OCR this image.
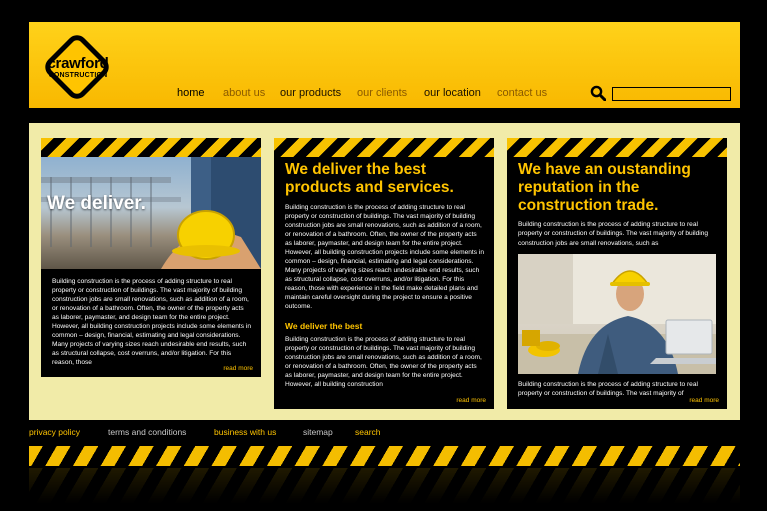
crawford
CONSTRUCTION
home about us our products our clients our location contact us
We deliver.
Building construction is the process of adding structure to real property or construction of buildings. The vast majority of building construction jobs are small renovations, such as addition of a room, or renovation of a bathroom. Often, the owner of the property acts as laborer, paymaster, and design team for the entire project. However, all building construction projects include some elements in common – design, financial, estimating and legal considerations. Many projects of varying sizes reach undesirable end results, such as structural collapse, cost overruns, and/or litigation. For this reason, those
read more
We deliver the best products and services.
Building construction is the process of adding structure to real property or construction of buildings. The vast majority of building construction jobs are small renovations, such as addition of a room, or renovation of a bathroom. Often, the owner of the property acts as laborer, paymaster, and design team for the entire project. However, all building construction projects include some elements in common – design, financial, estimating and legal considerations. Many projects of varying sizes reach undesirable end results, such as structural collapse, cost overruns, and/or litigation. For this reason, those with experience in the field make detailed plans and maintain careful oversight during the project to ensure a positive outcome.
We deliver the best
Building construction is the process of adding structure to real property or construction of buildings. The vast majority of building construction jobs are small renovations, such as addition of a room, or renovation of a bathroom. Often, the owner of the property acts as laborer, paymaster, and design team for the entire project. However, all building construction
read more
We have an oustanding reputation in the construction trade.
Building construction is the process of adding structure to real property or construction of buildings. The vast majority of building construction jobs are small renovations, such as
Building construction is the process of adding structure to real property or construction of buildings. The vast majority of
read more
privacy policy	terms and conditions	business with us	sitemap	search
